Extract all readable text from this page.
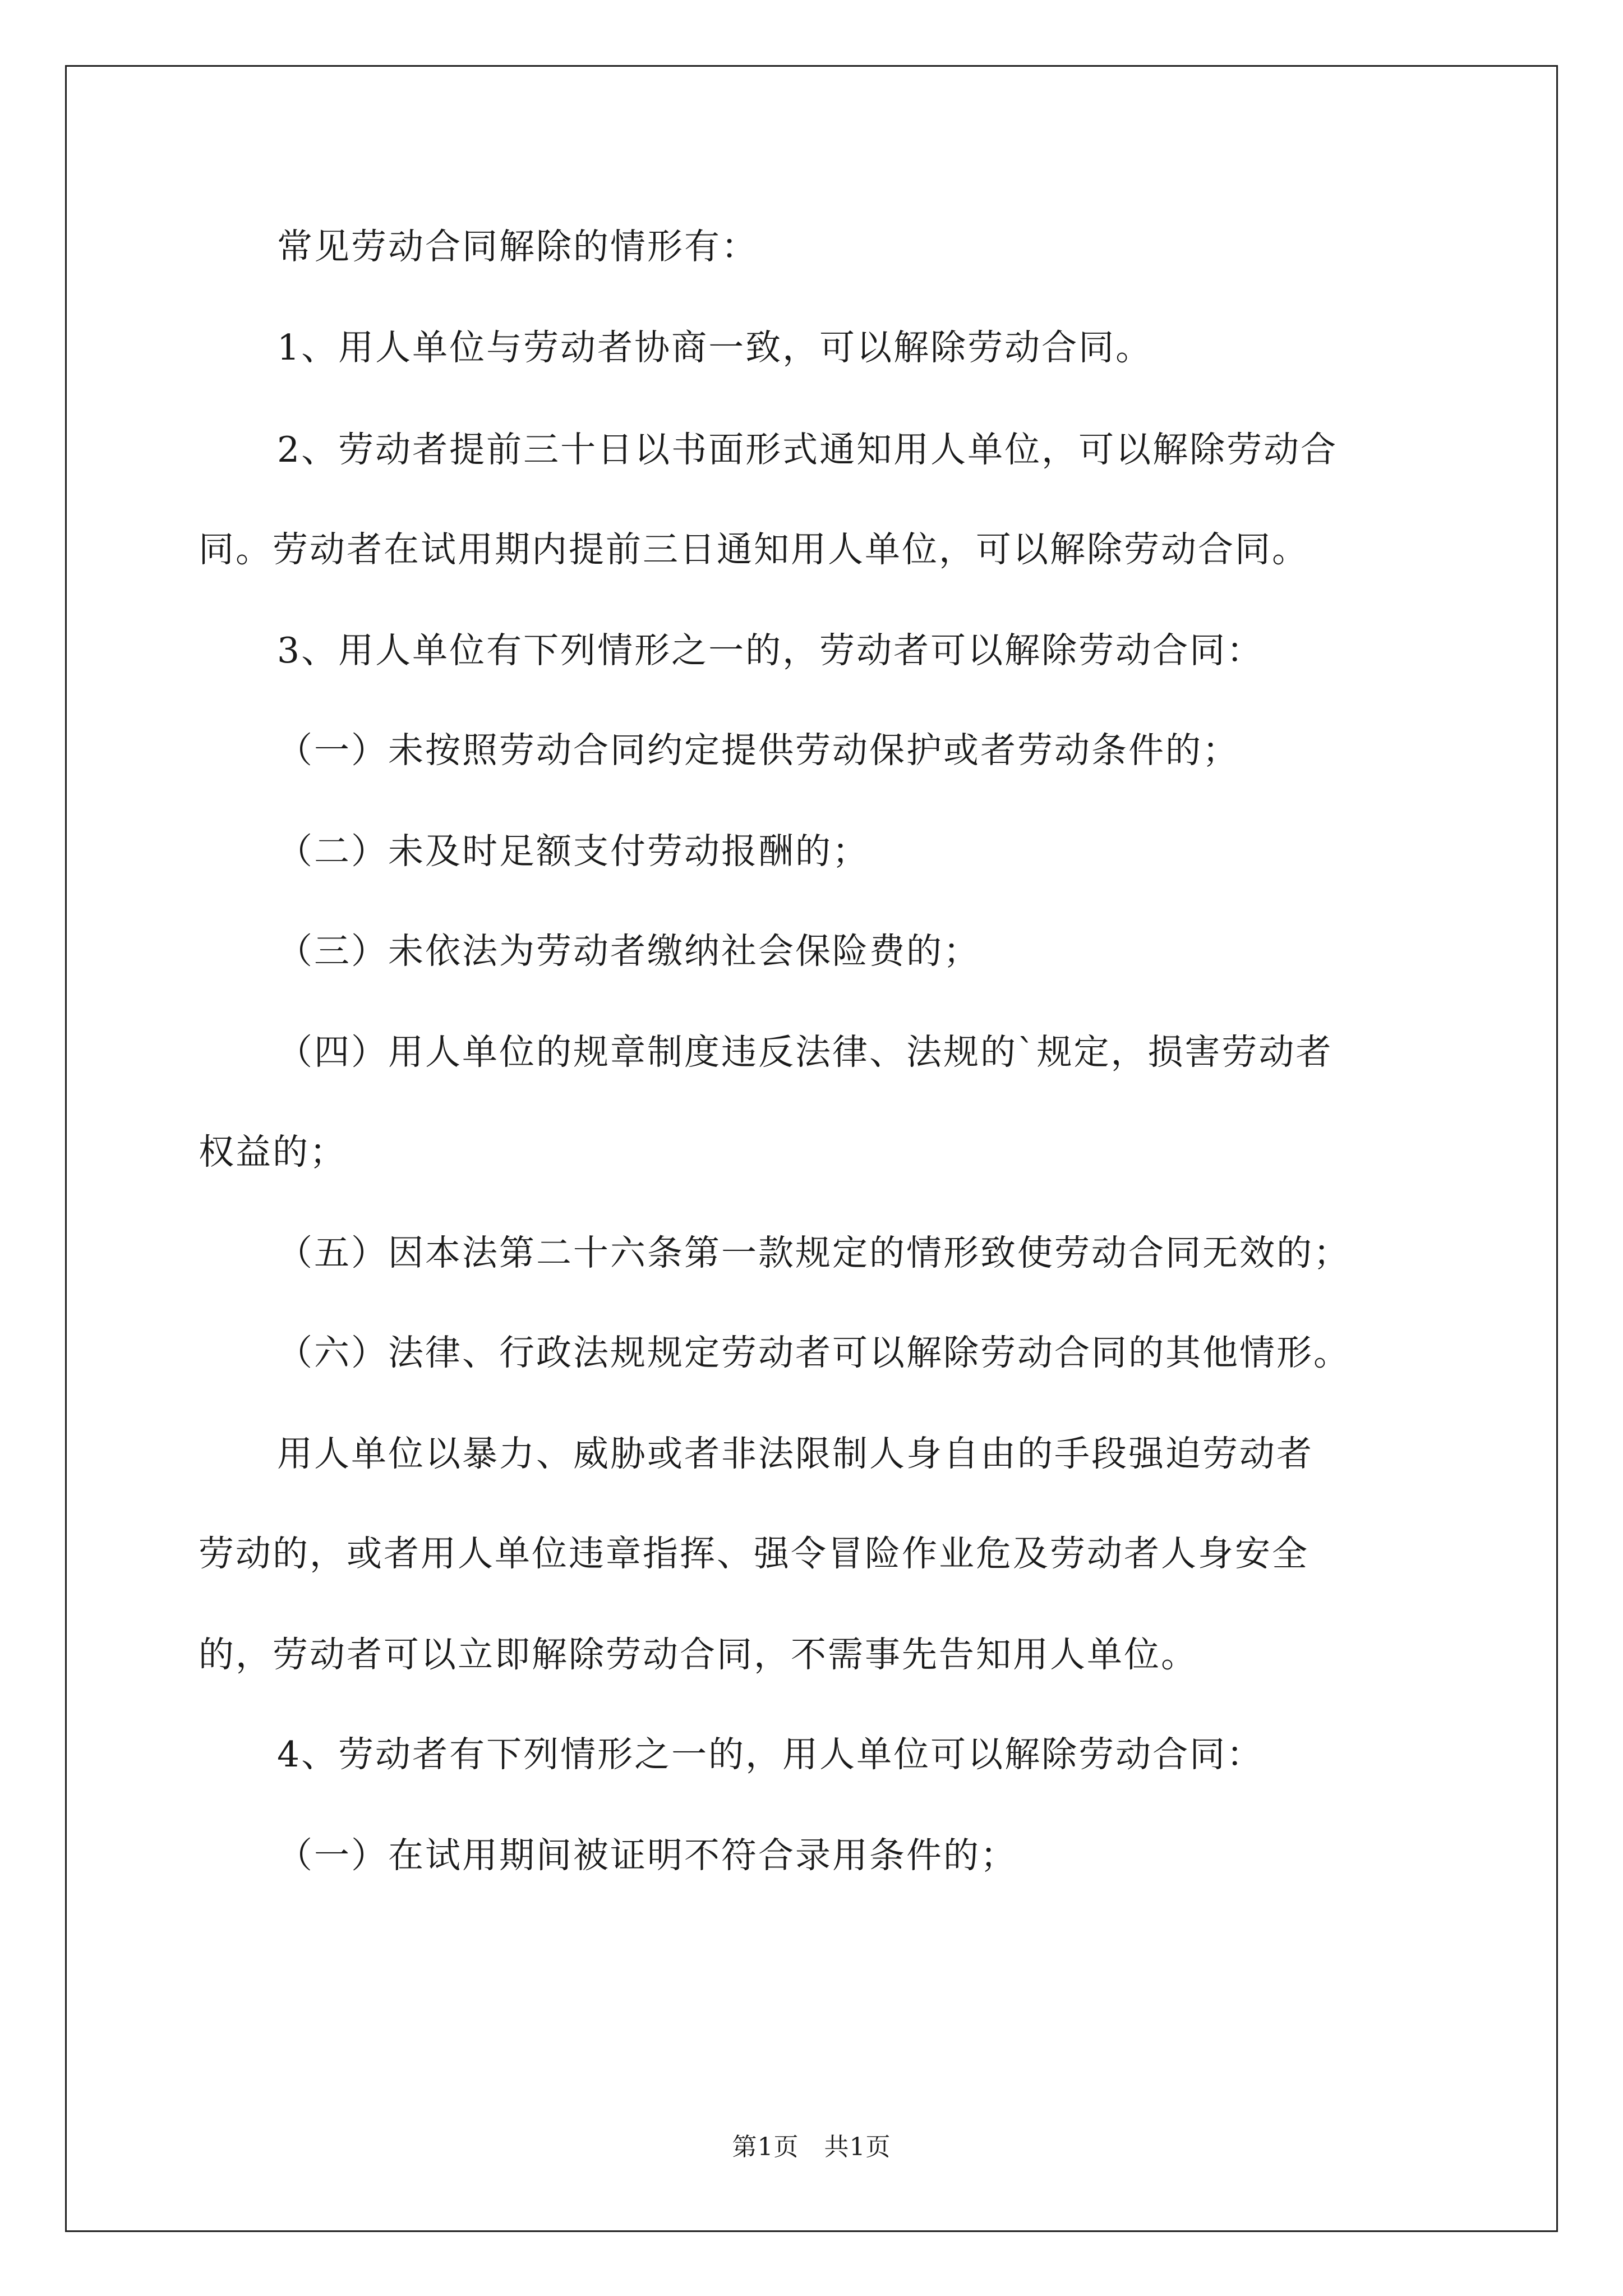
常见劳动合同解除的情形有：
1、用人单位与劳动者协商一致，可以解除劳动合同。
2、劳动者提前三十日以书面形式通知用人单位，可以解除劳动合
同。劳动者在试用期内提前三日通知用人单位，可以解除劳动合同。
3、用人单位有下列情形之一的，劳动者可以解除劳动合同：
（一）未按照劳动合同约定提供劳动保护或者劳动条件的；
（二）未及时足额支付劳动报酬的；
（三）未依法为劳动者缴纳社会保险费的；
（四）用人单位的规章制度违反法律、法规的`规定，损害劳动者
权益的；
（五）因本法第二十六条第一款规定的情形致使劳动合同无效的；
（六）法律、行政法规规定劳动者可以解除劳动合同的其他情形。
用人单位以暴力、威胁或者非法限制人身自由的手段强迫劳动者
劳动的，或者用人单位违章指挥、强令冒险作业危及劳动者人身安全
的，劳动者可以立即解除劳动合同，不需事先告知用人单位。
4、劳动者有下列情形之一的，用人单位可以解除劳动合同：
（一）在试用期间被证明不符合录用条件的；
第1页　共1页
